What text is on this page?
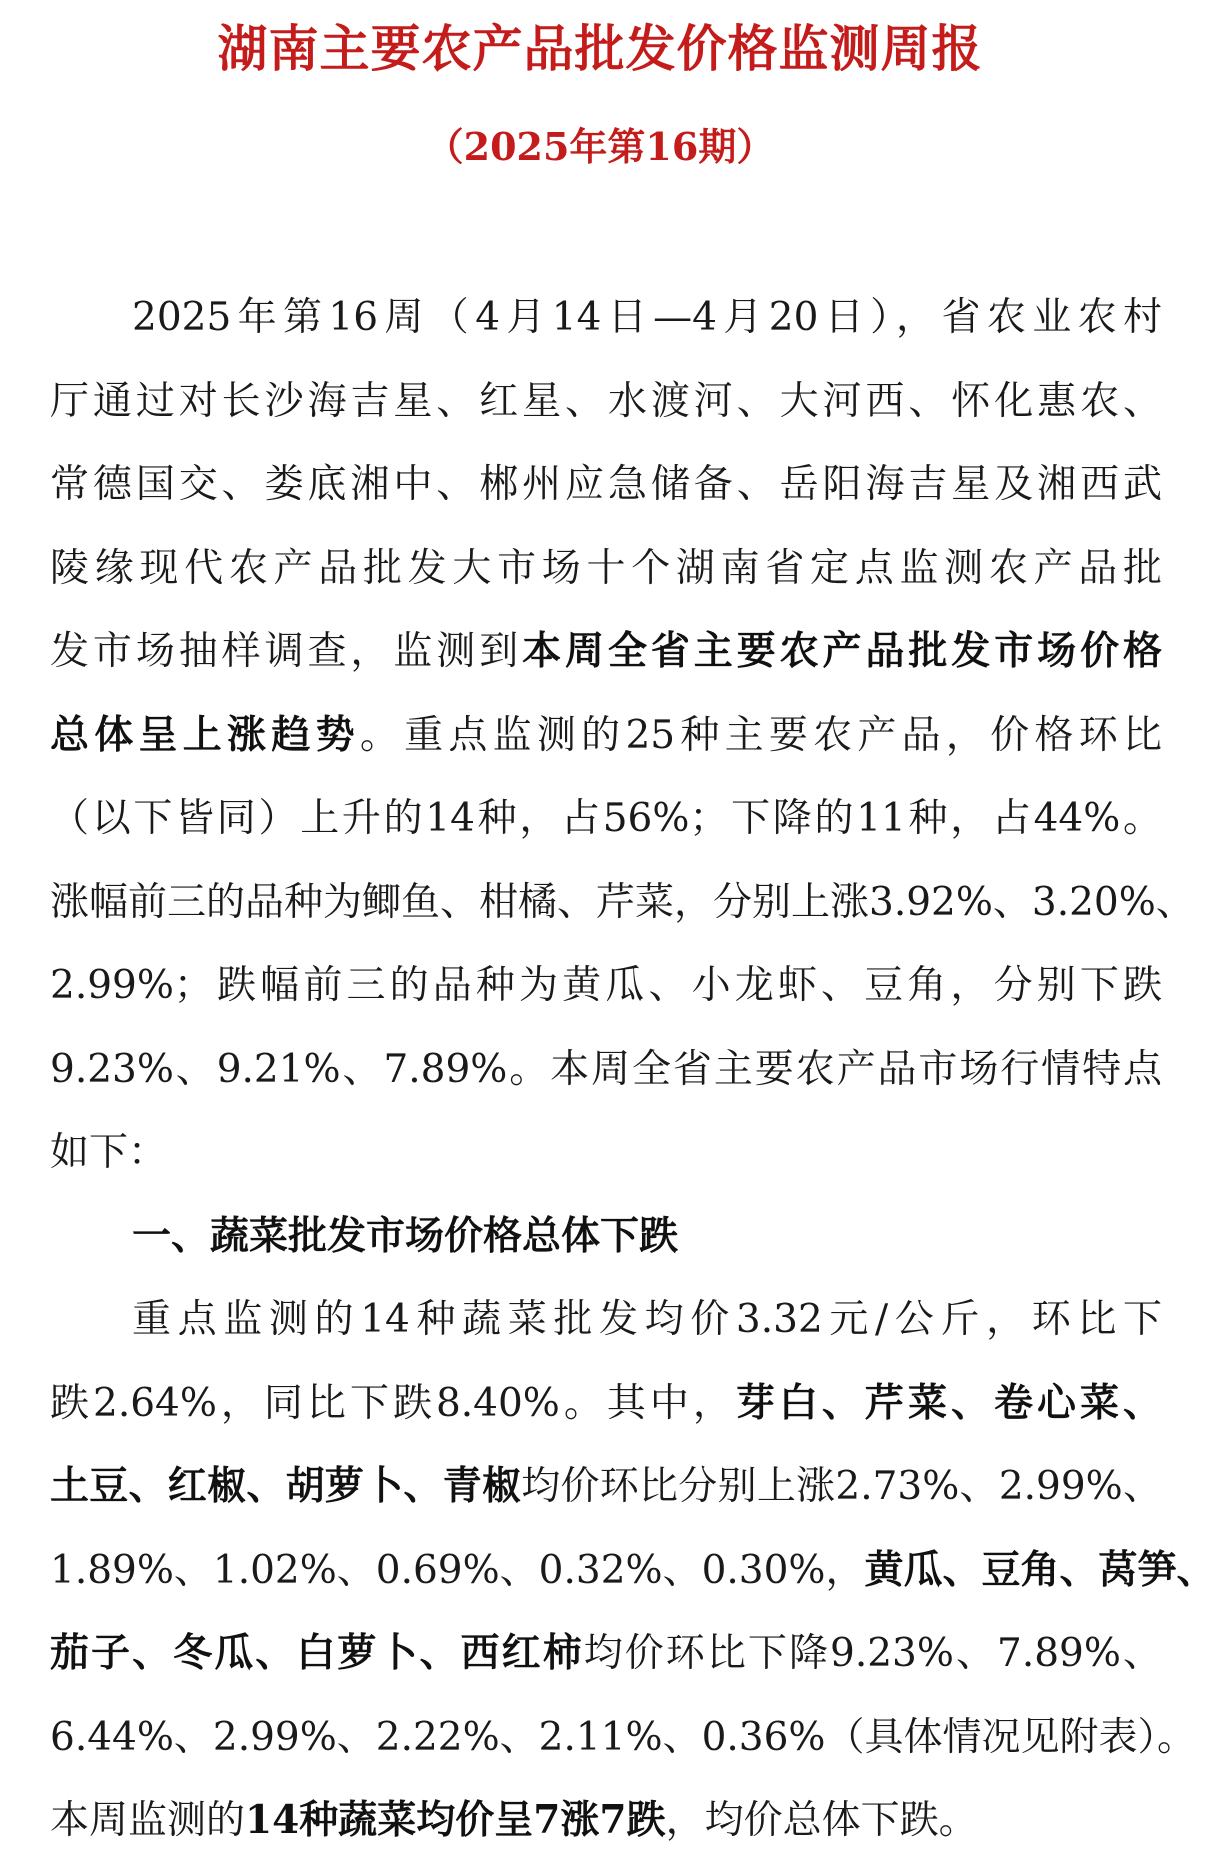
湖南主要农产品批发价格监测周报
（2025年第16期）
2025年第16周（4月14日—4月20日），省农业农村
厅通过对长沙海吉星、红星、水渡河、大河西、怀化惠农、
常德国交、娄底湘中、郴州应急储备、岳阳海吉星及湘西武
陵缘现代农产品批发大市场十个湖南省定点监测农产品批
发市场抽样调查，监测到本周全省主要农产品批发市场价格
总体呈上涨趋势。重点监测的25种主要农产品，价格环比
（以下皆同）上升的14种，占56%；下降的11种，占44%。
涨幅前三的品种为鲫鱼、柑橘、芹菜，分别上涨3.92%、3.20%、
2.99%；跌幅前三的品种为黄瓜、小龙虾、豆角，分别下跌
9.23%、9.21%、7.89%。本周全省主要农产品市场行情特点
如下：
一、蔬菜批发市场价格总体下跌
重点监测的14种蔬菜批发均价3.32元/公斤，环比下
跌2.64%，同比下跌8.40%。其中，芽白、芹菜、卷心菜、
土豆、红椒、胡萝卜、青椒均价环比分别上涨2.73%、2.99%、
1.89%、1.02%、0.69%、0.32%、0.30%，黄瓜、豆角、莴笋、
茄子、冬瓜、白萝卜、西红柿均价环比下降9.23%、7.89%、
6.44%、2.99%、2.22%、2.11%、0.36%（具体情况见附表）。
本周监测的14种蔬菜均价呈7涨7跌，均价总体下跌。
